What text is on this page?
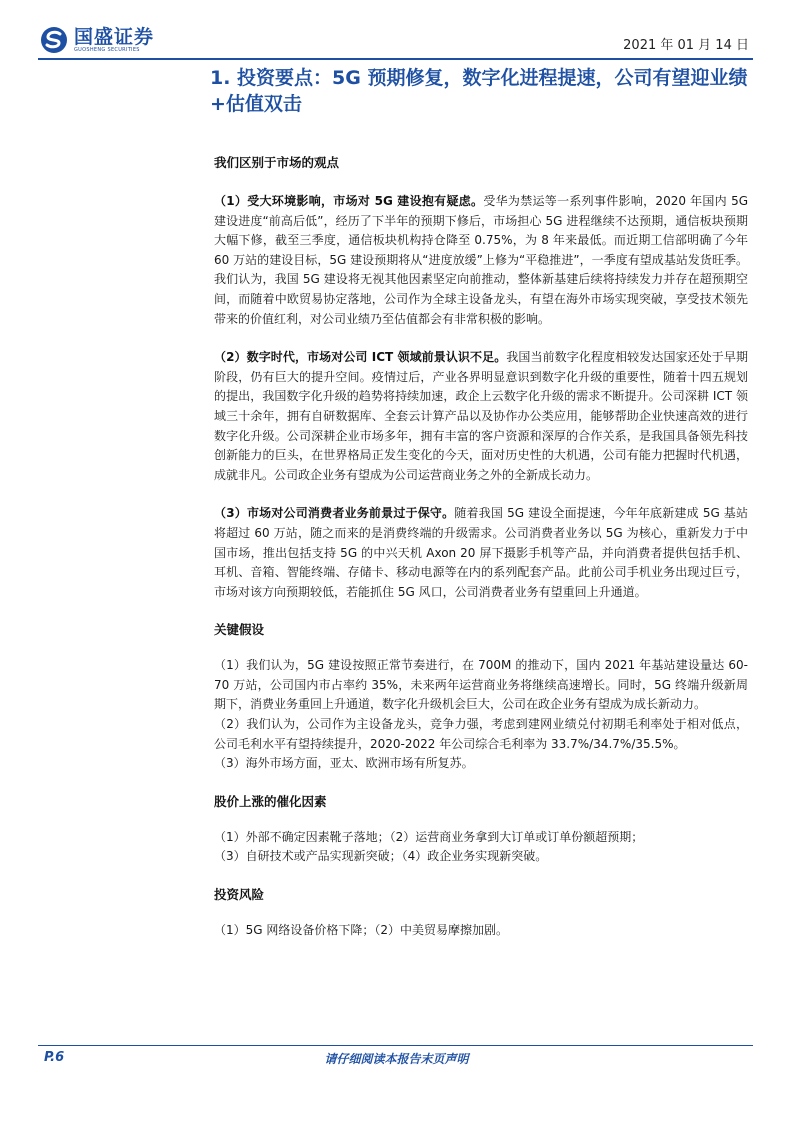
国盛证券
GUOSHENG SECURITIES	2021 年 01 月 14 日
1. 投资要点：5G 预期修复，数字化进程提速，公司有望迎业绩+估值双击

我们区别于市场的观点

（1）受大环境影响，市场对 5G 建设抱有疑虑。受华为禁运等一系列事件影响，2020 年国内 5G 建设进度“前高后低”，经历了下半年的预期下修后，市场担心 5G 进程继续不达预期，通信板块预期大幅下修，截至三季度，通信板块机构持仓降至 0.75%，为 8 年来最低。而近期工信部明确了今年 60 万站的建设目标，5G 建设预期将从“进度放缓”上修为“平稳推进”，一季度有望成基站发货旺季。我们认为，我国 5G 建设将无视其他因素坚定向前推动，整体新基建后续将持续发力并存在超预期空间，而随着中欧贸易协定落地，公司作为全球主设备龙头，有望在海外市场实现突破，享受技术领先带来的价值红利，对公司业绩乃至估值都会有非常积极的影响。

（2）数字时代，市场对公司 ICT 领域前景认识不足。我国当前数字化程度相较发达国家还处于早期阶段，仍有巨大的提升空间。疫情过后，产业各界明显意识到数字化升级的重要性，随着十四五规划的提出，我国数字化升级的趋势将持续加速，政企上云数字化升级的需求不断提升。公司深耕 ICT 领域三十余年，拥有自研数据库、全套云计算产品以及协作办公类应用，能够帮助企业快速高效的进行数字化升级。公司深耕企业市场多年，拥有丰富的客户资源和深厚的合作关系，是我国具备领先科技创新能力的巨头，在世界格局正发生变化的今天，面对历史性的大机遇，公司有能力把握时代机遇，成就非凡。公司政企业务有望成为公司运营商业务之外的全新成长动力。

（3）市场对公司消费者业务前景过于保守。随着我国 5G 建设全面提速，今年年底新建成 5G 基站将超过 60 万站，随之而来的是消费终端的升级需求。公司消费者业务以 5G 为核心，重新发力于中国市场，推出包括支持 5G 的中兴天机 Axon 20 屏下摄影手机等产品，并向消费者提供包括手机、耳机、音箱、智能终端、存储卡、移动电源等在内的系列配套产品。此前公司手机业务出现过巨亏，市场对该方向预期较低，若能抓住 5G 风口，公司消费者业务有望重回上升通道。

关键假设

（1）我们认为，5G 建设按照正常节奏进行，在 700M 的推动下，国内 2021 年基站建设量达 60-70 万站，公司国内市占率约 35%，未来两年运营商业务将继续高速增长。同时，5G 终端升级新周期下，消费业务重回上升通道，数字化升级机会巨大，公司在政企业务有望成为成长新动力。

（2）我们认为，公司作为主设备龙头，竞争力强，考虑到建网业绩兑付初期毛利率处于相对低点，公司毛利水平有望持续提升，2020-2022 年公司综合毛利率为 33.7%/34.7%/35.5%。

（3）海外市场方面，亚太、欧洲市场有所复苏。

股价上涨的催化因素

（1）外部不确定因素靴子落地；（2）运营商业务拿到大订单或订单份额超预期；

（3）自研技术或产品实现新突破；（4）政企业务实现新突破。

投资风险

（1）5G 网络设备价格下降；（2）中美贸易摩擦加剧。

P.6	请仔细阅读本报告末页声明
